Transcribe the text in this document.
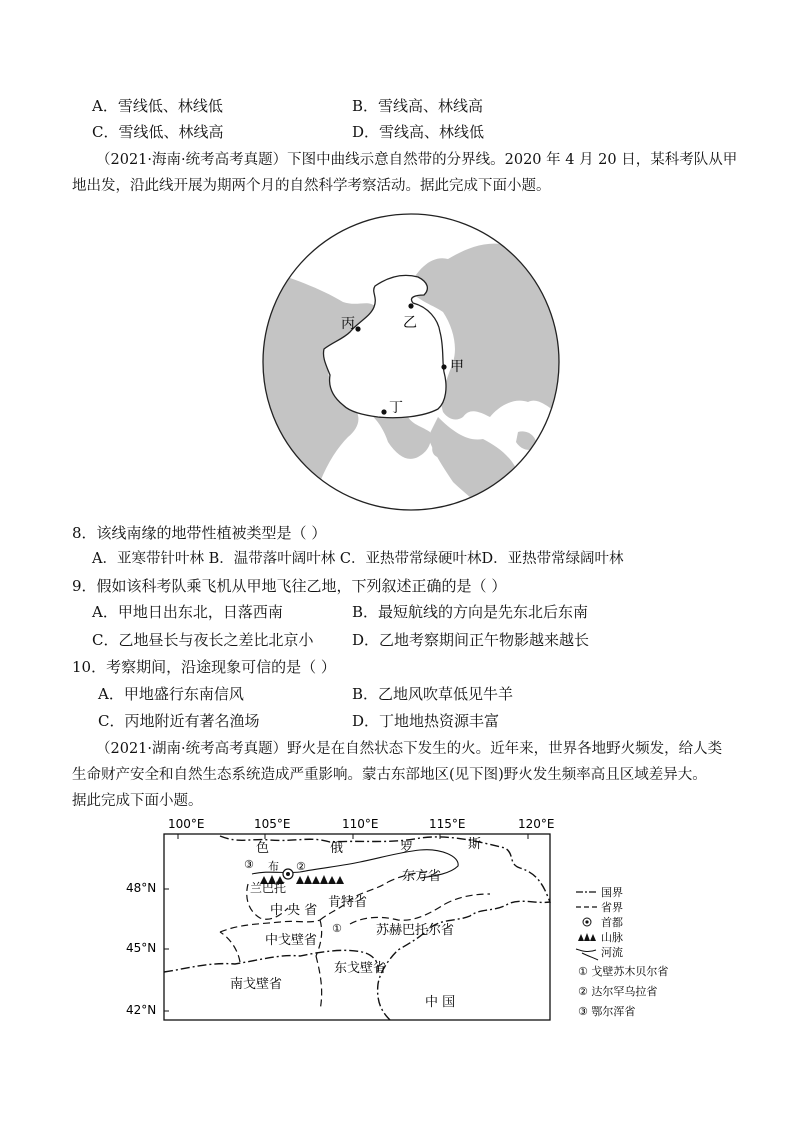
A．雪线低、林线低	B．雪线高、林线高
C．雪线低、林线高	D．雪线高、林线低
（2021·海南·统考高考真题）下图中曲线示意自然带的分界线。2020 年 4 月 20 日，某科考队从甲
地出发，沿此线开展为期两个月的自然科学考察活动。据此完成下面小题。
乙
丙
甲
丁
8．该线南缘的地带性植被类型是（ ）
A．亚寒带针叶林 B．温带落叶阔叶林 C．亚热带常绿硬叶林D．亚热带常绿阔叶林
9．假如该科考队乘飞机从甲地飞往乙地，下列叙述正确的是（ ）
A．甲地日出东北，日落西南	B．最短航线的方向是先东北后东南
C．乙地昼长与夜长之差比北京小	D．乙地考察期间正午物影越来越长
10．考察期间，沿途现象可信的是（ ）
A．甲地盛行东南信风	B．乙地风吹草低见牛羊
C．丙地附近有著名渔场	D．丁地地热资源丰富
（2021·湖南·统考高考真题）野火是在自然状态下发生的火。近年来，世界各地野火频发，给人类
生命财产安全和自然生态系统造成严重影响。蒙古东部地区(见下图)野火发生频率高且区域差异大。
据此完成下面小题。
100°E	105°E	110°E	115°E	120°E
48°N
45°N
42°N
色	俄	罗	斯
③ 布 ②
兰巴托
东方省
中 央 省
肯特省
①
中戈壁省
苏赫巴托尔省
南戈壁省
东戈壁省
中 国
国界
省界
首都
山脉
河流
① 戈壁苏木贝尔省
② 达尔罕乌拉省
③ 鄂尔浑省
